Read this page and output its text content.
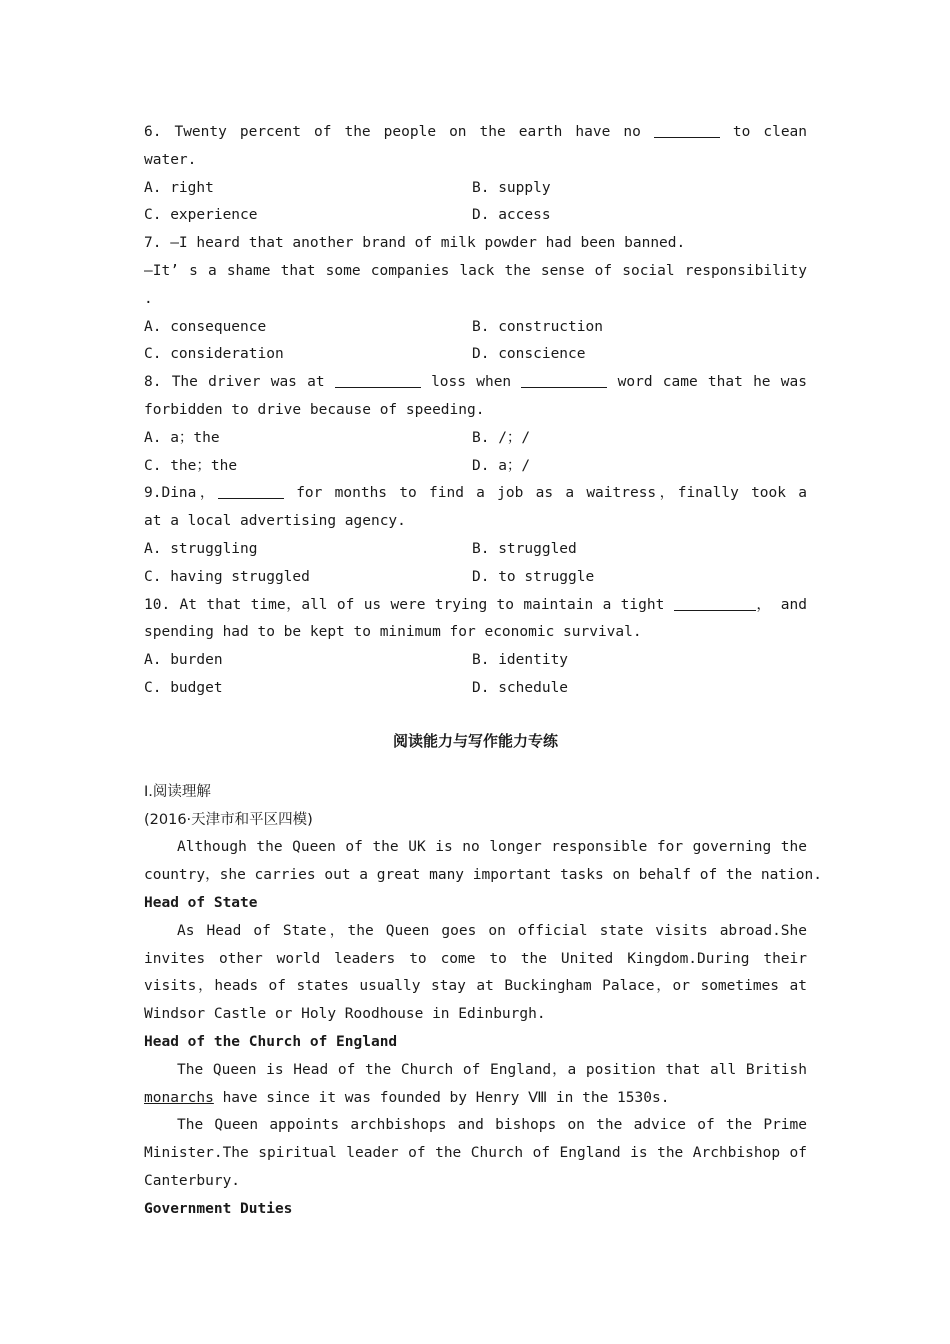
6. Twenty percent of the people on the earth have no	to clean
water.
A. right	B. supply
C. experience	D. access
7. —I heard that another brand of milk powder had been banned.
—It’ s a shame that some companies lack the sense of social responsibility
.
A. consequence	B. construction
C. consideration	D. conscience
8. The driver was at	loss when	word came that he was
forbidden to drive because of speeding.
A. a；the	B. /；/
C. the；the	D. a；/
9.Dina，	for months to find a job as a waitress，finally took a
at a local advertising agency.
A. struggling	B. struggled
C. having struggled	D. to struggle
10. At that time，all of us were trying to maintain a tight	， and
spending had to be kept to minimum for economic survival.
A. burden	B. identity
C. budget	D. schedule
阅读能力与写作能力专练
Ⅰ.阅读理解
(2016·天津市和平区四模)
Although the Queen of the UK is no longer responsible for governing the
country，she carries out a great many important tasks on behalf of the nation.
Head of State
As Head of State，the Queen goes on official state visits abroad.She
invites other world leaders to come to the United Kingdom.During their
visits，heads of states usually stay at Buckingham Palace，or sometimes at
Windsor Castle or Holy Roodhouse in Edinburgh.
Head of the Church of England
The Queen is Head of the Church of England，a position that all British
monarchs have since it was founded by Henry Ⅷ in the 1530s.
The Queen appoints archbishops and bishops on the advice of the Prime
Minister.The spiritual leader of the Church of England is the Archbishop of
Canterbury.
Government Duties
